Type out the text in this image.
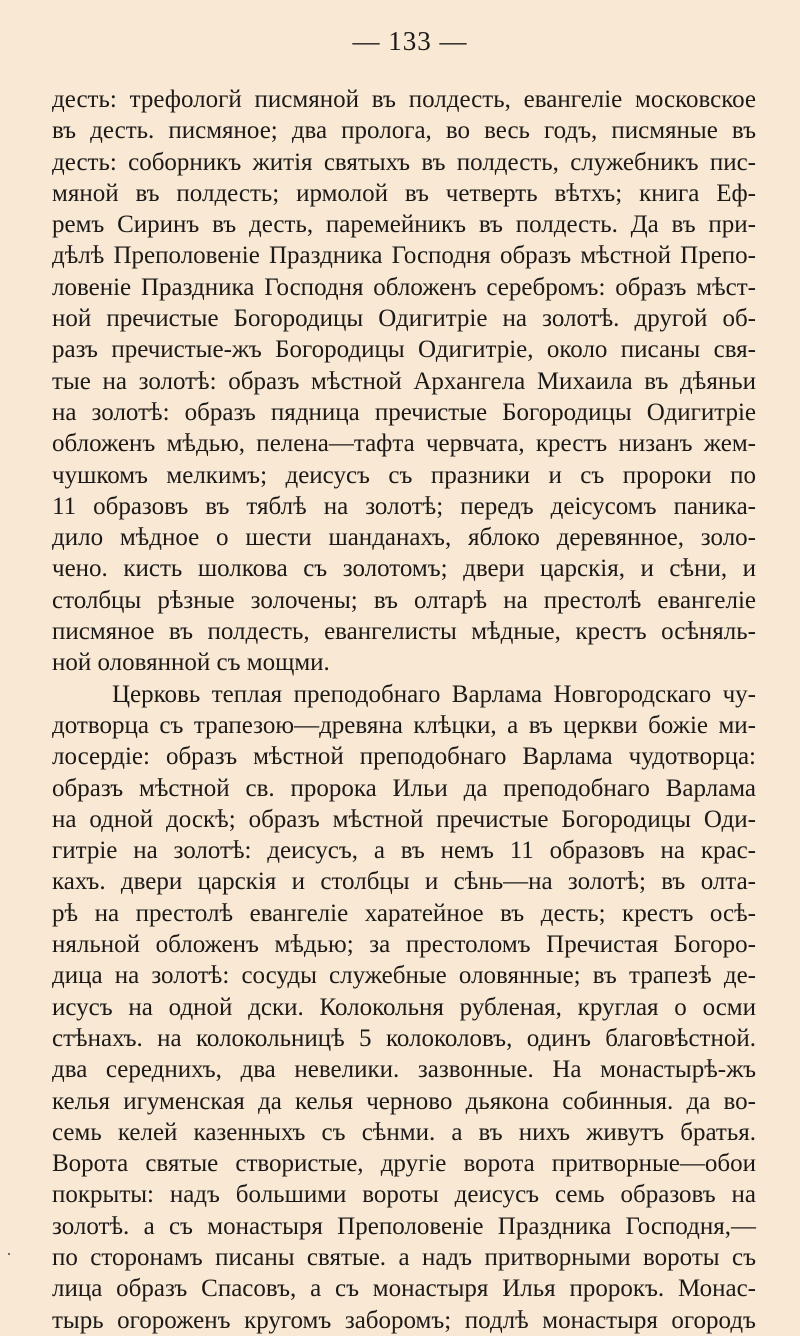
— 133 —
·
десть: трефологй писмяной въ полдесть, евангеліе московское
въ десть. писмяное; два пролога, во весь годъ, писмяные въ
десть: соборникъ житія святыхъ въ полдесть, служебникъ пис-
мяной въ полдесть; ирмолой въ четверть вѣтхъ; книга Еф-
ремъ Сиринъ въ десть, паремейникъ въ полдесть. Да въ при-
дѣлѣ Преполовеніе Праздника Господня образъ мѣстной Препо-
ловеніе Праздника Господня обложенъ серебромъ: образъ мѣст-
ной пречистые Богородицы Одигитріе на золотѣ. другой об-
разъ пречистые-жъ Богородицы Одигитріе, около писаны свя-
тые на золотѣ: образъ мѣстной Архангела Михаила въ дѣяньи
на золотѣ: образъ пядница пречистые Богородицы Одигитріе
обложенъ мѣдью, пелена—тафта червчата, крестъ низанъ жем-
чушкомъ мелкимъ; деисусъ съ празники и съ пророки по
11 образовъ въ тяблѣ на золотѣ; передъ деісусомъ паника-
дило мѣдное о шести шанданахъ, яблоко деревянное, золо-
чено. кисть шолкова съ золотомъ; двери царскія, и сѣни, и
столбцы рѣзные золочены; въ олтарѣ на престолѣ евангеліе
писмяное въ полдесть, евангелисты мѣдные, крестъ осѣняль-
ной оловянной съ мощми.
Церковь теплая преподобнаго Варлама Новгородскаго чу-
дотворца съ трапезою—древяна клѣцки, а въ церкви божіе ми-
лосердіе: образъ мѣстной преподобнаго Варлама чудотворца:
образъ мѣстной св. пророка Ильи да преподобнаго Варлама
на одной доскѣ; образъ мѣстной пречистые Богородицы Оди-
гитріе на золотѣ: деисусъ, а въ немъ 11 образовъ на крас-
кахъ. двери царскія и столбцы и сѣнь—на золотѣ; въ олта-
рѣ на престолѣ евангеліе харатейное въ десть; крестъ осѣ-
няльной обложенъ мѣдью; за престоломъ Пречистая Богоро-
дица на золотѣ: сосуды служебные оловянные; въ трапезѣ де-
исусъ на одной дски. Колокольня рубленая, круглая о осми
стѣнахъ. на колокольницѣ 5 колоколовъ, одинъ благовѣстной.
два середнихъ, два невелики. зазвонные. На монастырѣ-жъ
келья игуменская да келья черново дьякона собинныя. да во-
семь келей казенныхъ съ сѣнми. а въ нихъ живутъ братья.
Ворота святые створистые, другіе ворота притворные—обои
покрыты: надъ большими вороты деисусъ семь образовъ на
золотѣ. а съ монастыря Преполовеніе Праздника Господня,—
по сторонамъ писаны святые. а надъ притворными вороты съ
лица образъ Спасовъ, а съ монастыря Илья пророкъ. Монас-
тырь огороженъ кругомъ заборомъ; подлѣ монастыря огородъ
